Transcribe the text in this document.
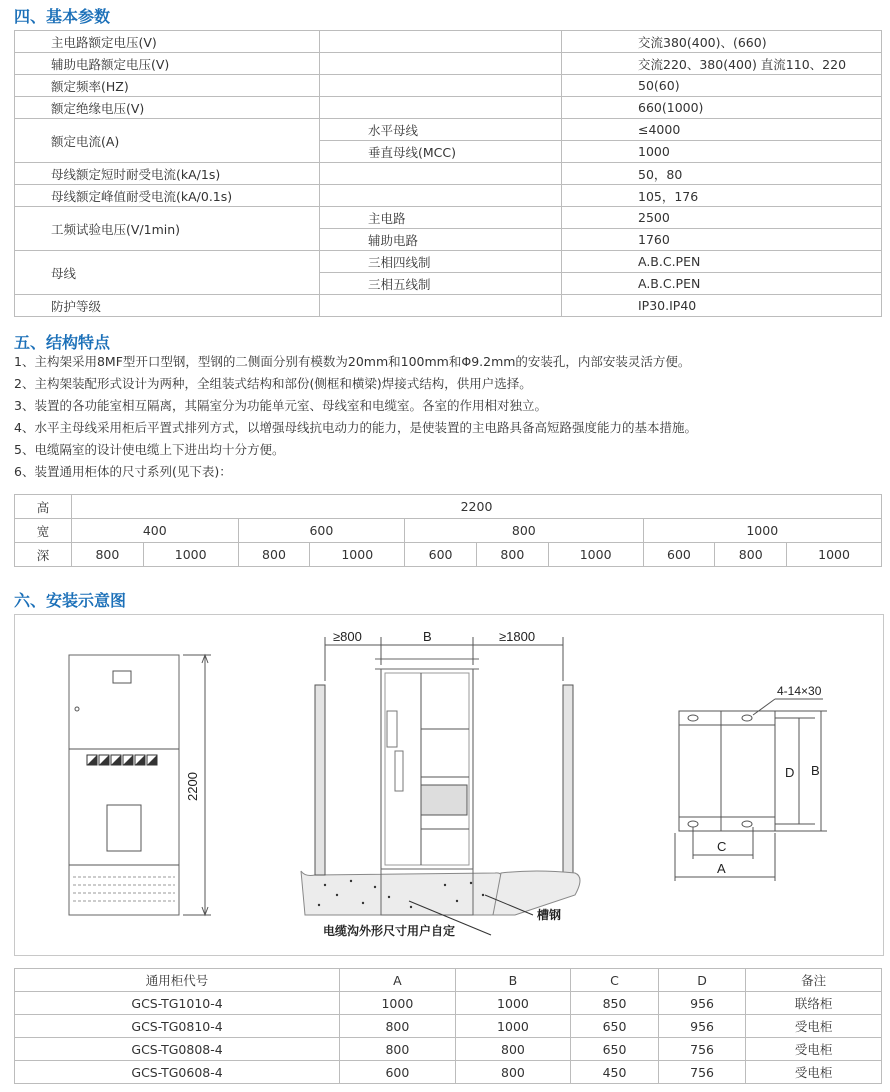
四、基本参数
主电路额定电压(V)		交流380(400)、(660)
辅助电路额定电压(V)		交流220、380(400) 直流110、220
额定频率(HZ)		50(60)
额定绝缘电压(V)		660(1000)
额定电流(A)	水平母线	≤4000
	垂直母线(MCC)	1000
母线额定短时耐受电流(kA/1s)		50，80
母线额定峰值耐受电流(kA/0.1s)		105，176
工频试验电压(V/1min)	主电路	2500
	辅助电路	1760
母线	三相四线制	A.B.C.PEN
	三相五线制	A.B.C.PEN
防护等级		IP30.IP40
五、结构特点
1、主构架采用8MF型开口型钢，型钢的二侧面分别有模数为20mm和100mm和Φ9.2mm的安装孔，内部安装灵活方便。
2、主构架装配形式设计为两种，全组装式结构和部份(侧框和横梁)焊接式结构，供用户选择。
3、装置的各功能室相互隔离，其隔室分为功能单元室、母线室和电缆室。各室的作用相对独立。
4、水平主母线采用柜后平置式排列方式，以增强母线抗电动力的能力，是使装置的主电路具备高短路强度能力的基本措施。
5、电缆隔室的设计使电缆上下进出均十分方便。
6、装置通用柜体的尺寸系列(见下表)：
高	2200									
宽	400		600		800			1000		
深	800	1000	800	1000	600	800	1000	600	800	1000
六、安装示意图
2200
≥800	B	≥1800
电缆沟外形尺寸用户自定
槽钢
4-14×30
D B
C
A
通用柜代号	A	B	C	D	备注
GCS-TG1010-4	1000	1000	850	956	联络柜
GCS-TG0810-4	800	1000	650	956	受电柜
GCS-TG0808-4	800	800	650	756	受电柜
GCS-TG0608-4	600	800	450	756	受电柜
